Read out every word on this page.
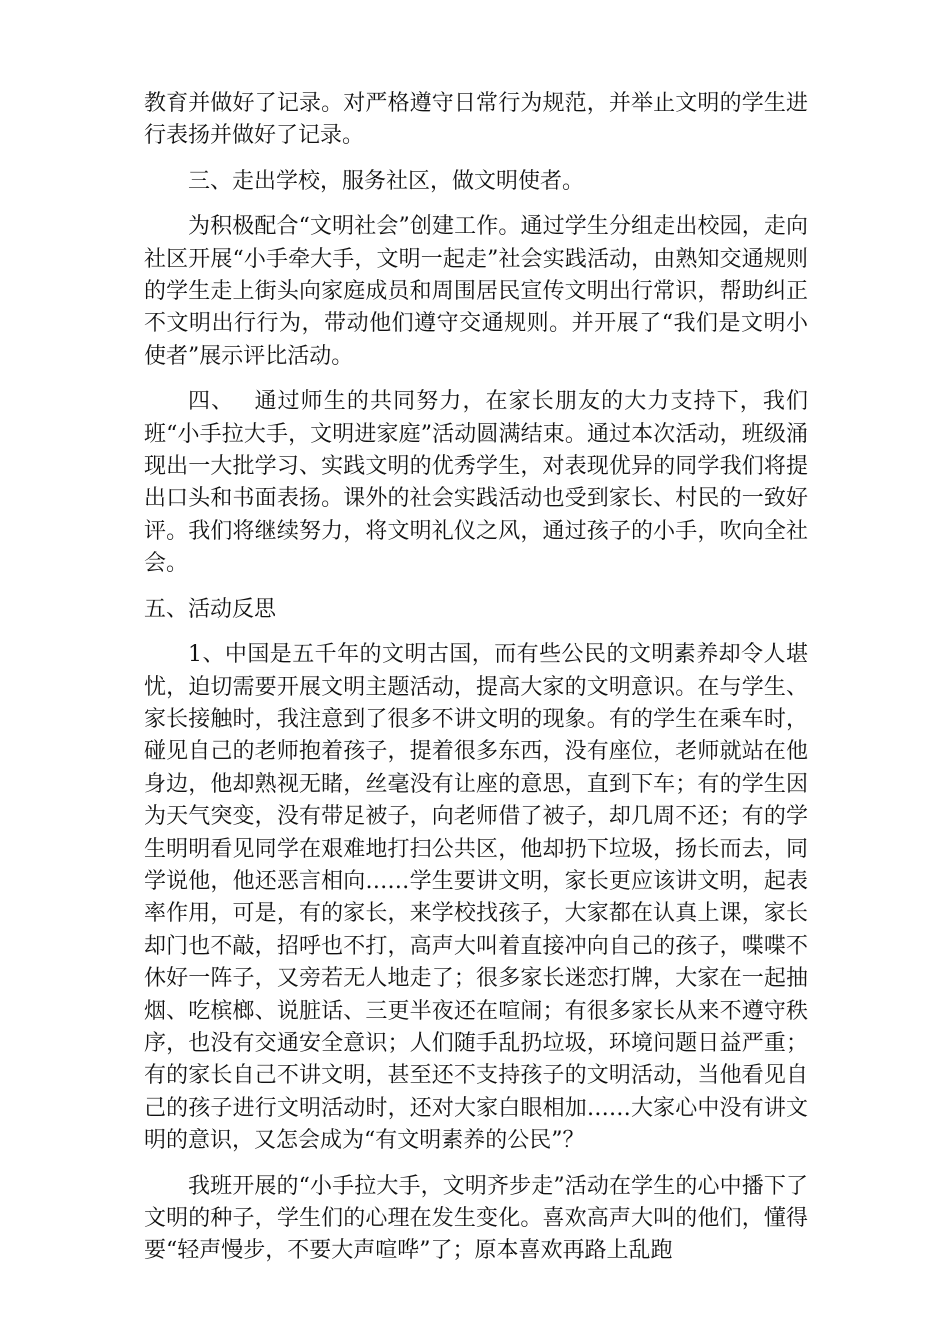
教育并做好了记录。对严格遵守日常行为规范，并举止文明的学生进行表扬并做好了记录。

三、走出学校，服务社区，做文明使者。

为积极配合“文明社会”创建工作。通过学生分组走出校园，走向社区开展“小手牵大手，文明一起走”社会实践活动，由熟知交通规则的学生走上街头向家庭成员和周围居民宣传文明出行常识，帮助纠正不文明出行行为，带动他们遵守交通规则。并开展了“我们是文明小使者”展示评比活动。

四、　 通过师生的共同努力，在家长朋友的大力支持下，我们班“小手拉大手，文明进家庭”活动圆满结束。通过本次活动，班级涌现出一大批学习、实践文明的优秀学生，对表现优异的同学我们将提出口头和书面表扬。课外的社会实践活动也受到家长、村民的一致好评。我们将继续努力，将文明礼仪之风，通过孩子的小手，吹向全社会。

五、活动反思

1、中国是五千年的文明古国，而有些公民的文明素养却令人堪忧，迫切需要开展文明主题活动，提高大家的文明意识。在与学生、家长接触时，我注意到了很多不讲文明的现象。有的学生在乘车时，碰见自己的老师抱着孩子，提着很多东西，没有座位，老师就站在他身边，他却熟视无睹，丝毫没有让座的意思，直到下车；有的学生因为天气突变，没有带足被子，向老师借了被子，却几周不还；有的学生明明看见同学在艰难地打扫公共区，他却扔下垃圾，扬长而去，同学说他，他还恶言相向……学生要讲文明，家长更应该讲文明，起表率作用，可是，有的家长，来学校找孩子，大家都在认真上课，家长却门也不敲，招呼也不打，高声大叫着直接冲向自己的孩子，喋喋不休好一阵子，又旁若无人地走了；很多家长迷恋打牌，大家在一起抽烟、吃槟榔、说脏话、三更半夜还在喧闹；有很多家长从来不遵守秩序，也没有交通安全意识；人们随手乱扔垃圾，环境问题日益严重；有的家长自己不讲文明，甚至还不支持孩子的文明活动，当他看见自己的孩子进行文明活动时，还对大家白眼相加……大家心中没有讲文明的意识，又怎会成为“有文明素养的公民”？

我班开展的“小手拉大手，文明齐步走”活动在学生的心中播下了文明的种子，学生们的心理在发生变化。喜欢高声大叫的他们，懂得要“轻声慢步，不要大声喧哗”了；原本喜欢再路上乱跑
